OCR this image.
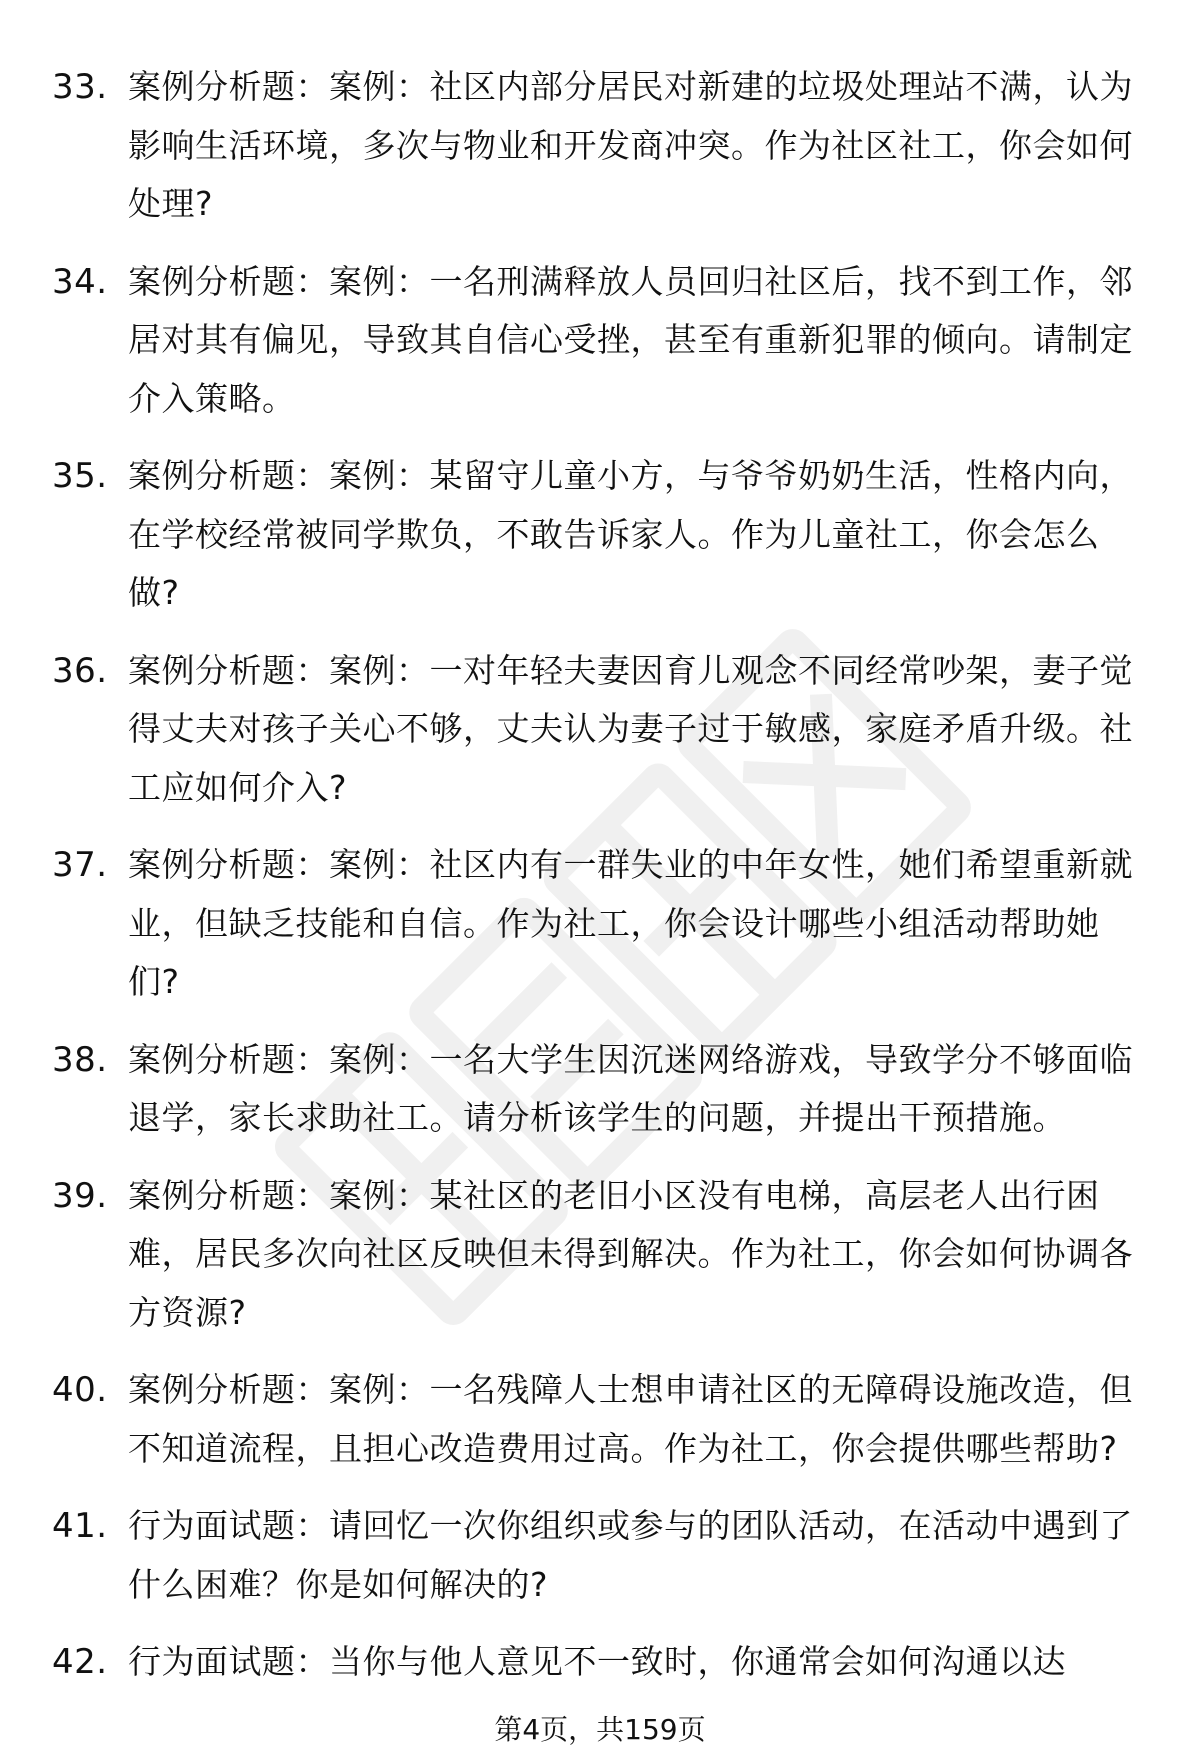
33. 案例分析题：案例：社区内部分居民对新建的垃圾处理站不满，认为影响生活环境，多次与物业和开发商冲突。作为社区社工，你会如何处理?
34. 案例分析题：案例：一名刑满释放人员回归社区后，找不到工作，邻居对其有偏见，导致其自信心受挫，甚至有重新犯罪的倾向。请制定介入策略。
35. 案例分析题：案例：某留守儿童小方，与爷爷奶奶生活，性格内向，在学校经常被同学欺负，不敢告诉家人。作为儿童社工，你会怎么做?
36. 案例分析题：案例：一对年轻夫妻因育儿观念不同经常吵架，妻子觉得丈夫对孩子关心不够，丈夫认为妻子过于敏感，家庭矛盾升级。社工应如何介入?
37. 案例分析题：案例：社区内有一群失业的中年女性，她们希望重新就业，但缺乏技能和自信。作为社工，你会设计哪些小组活动帮助她们?
38. 案例分析题：案例：一名大学生因沉迷网络游戏，导致学分不够面临退学，家长求助社工。请分析该学生的问题，并提出干预措施。
39. 案例分析题：案例：某社区的老旧小区没有电梯，高层老人出行困难，居民多次向社区反映但未得到解决。作为社工，你会如何协调各方资源?
40. 案例分析题：案例：一名残障人士想申请社区的无障碍设施改造，但不知道流程，且担心改造费用过高。作为社工，你会提供哪些帮助?
41. 行为面试题：请回忆一次你组织或参与的团队活动，在活动中遇到了什么困难？你是如何解决的?
42. 行为面试题：当你与他人意见不一致时，你通常会如何沟通以达
第4页，共159页
